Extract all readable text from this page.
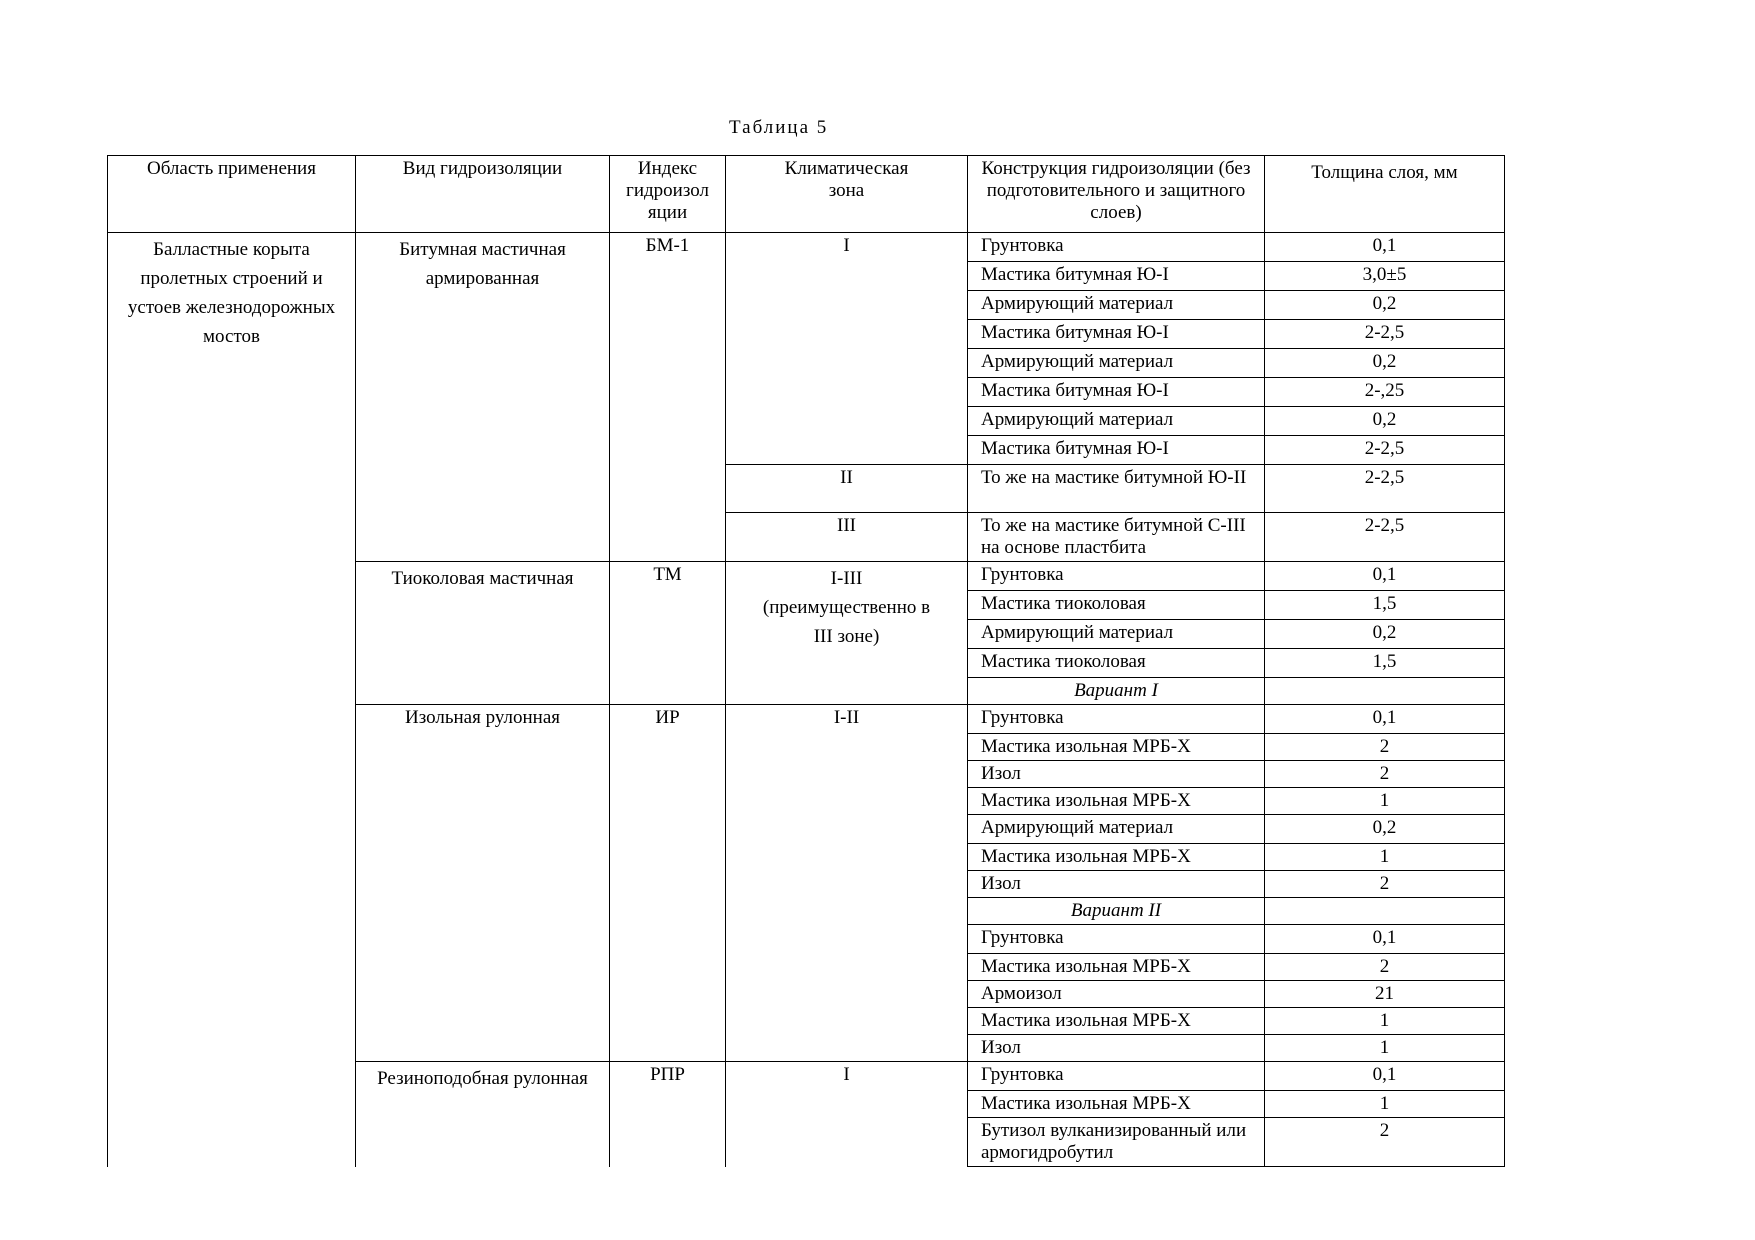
Таблица 5
Область применения	Вид гидроизоляции	Индекс гидроизол яции	Климатическая зона	Конструкция гидроизоляции (без подготовительного и защитного слоев)	Толщина слоя, мм
Балластные корыта пролетных строений и устоев железнодорожных мостов	Битумная мастичная армированная	БМ-1	I	Грунтовка	0,1
				Мастика битумная Ю-I	3,0±5
				Армирующий материал	0,2
				Мастика битумная Ю-I	2-2,5
				Армирующий материал	0,2
				Мастика битумная Ю-I	2-,25
				Армирующий материал	0,2
				Мастика битумная Ю-I	2-2,5
			II	То же на мастике битумной Ю-II	2-2,5
			III	То же на мастике битумной С-III на основе пластбита	2-2,5
	Тиоколовая мастичная	ТМ	I-III (преимущественно в III зоне)	Грунтовка	0,1
				Мастика тиоколовая	1,5
				Армирующий материал	0,2
				Мастика тиоколовая	1,5
				Вариант I	
	Изольная рулонная	ИР	I-II	Грунтовка	0,1
				Мастика изольная МРБ-Х	2
				Изол	2
				Мастика изольная МРБ-Х	1
				Армирующий материал	0,2
				Мастика изольная МРБ-Х	1
				Изол	2
				Вариант II	
				Грунтовка	0,1
				Мастика изольная МРБ-Х	2
				Армоизол	21
				Мастика изольная МРБ-Х	1
				Изол	1
	Резиноподобная рулонная	РПР	I	Грунтовка	0,1
				Мастика изольная МРБ-Х	1
				Бутизол вулканизированный или армогидробутил	2
